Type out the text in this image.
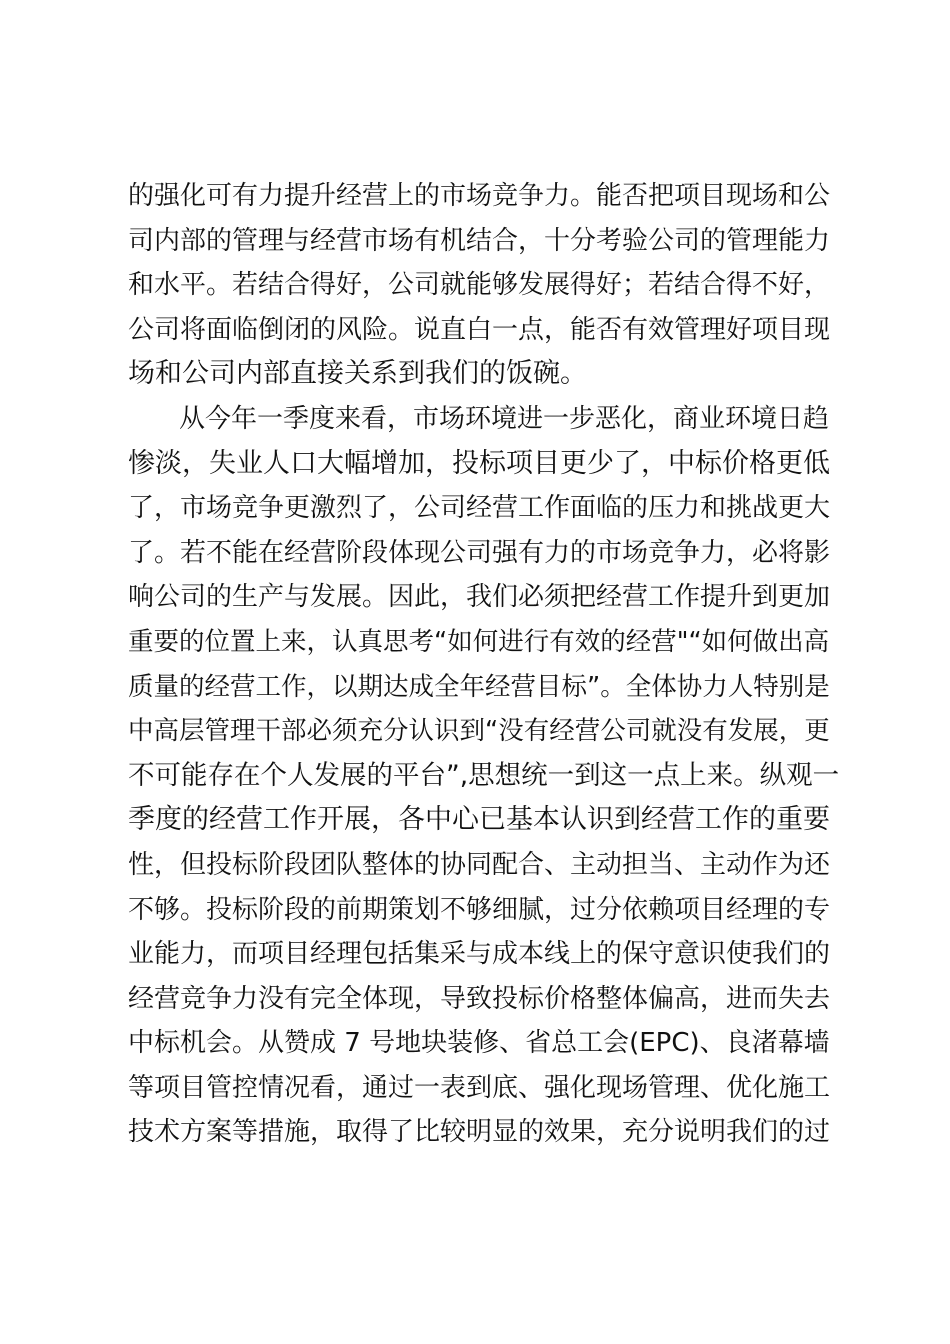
的强化可有力提升经营上的市场竞争力。能否把项目现场和公
司内部的管理与经营市场有机结合，十分考验公司的管理能力
和水平。若结合得好，公司就能够发展得好；若结合得不好，
公司将面临倒闭的风险。说直白一点，能否有效管理好项目现
场和公司内部直接关系到我们的饭碗。
从今年一季度来看，市场环境进一步恶化，商业环境日趋
惨淡，失业人口大幅增加，投标项目更少了，中标价格更低
了，市场竞争更激烈了，公司经营工作面临的压力和挑战更大
了。若不能在经营阶段体现公司强有力的市场竞争力，必将影
响公司的生产与发展。因此，我们必须把经营工作提升到更加
重要的位置上来，认真思考“如何进行有效的经营"“如何做出高
质量的经营工作，以期达成全年经营目标”。全体协力人特别是
中高层管理干部必须充分认识到“没有经营公司就没有发展，更
不可能存在个人发展的平台”,思想统一到这一点上来。纵观一
季度的经营工作开展，各中心已基本认识到经营工作的重要
性，但投标阶段团队整体的协同配合、主动担当、主动作为还
不够。投标阶段的前期策划不够细腻，过分依赖项目经理的专
业能力，而项目经理包括集采与成本线上的保守意识使我们的
经营竞争力没有完全体现，导致投标价格整体偏高，进而失去
中标机会。从赞成 7 号地块装修、省总工会(EPC)、良渚幕墙
等项目管控情况看，通过一表到底、强化现场管理、优化施工
技术方案等措施，取得了比较明显的效果，充分说明我们的过
